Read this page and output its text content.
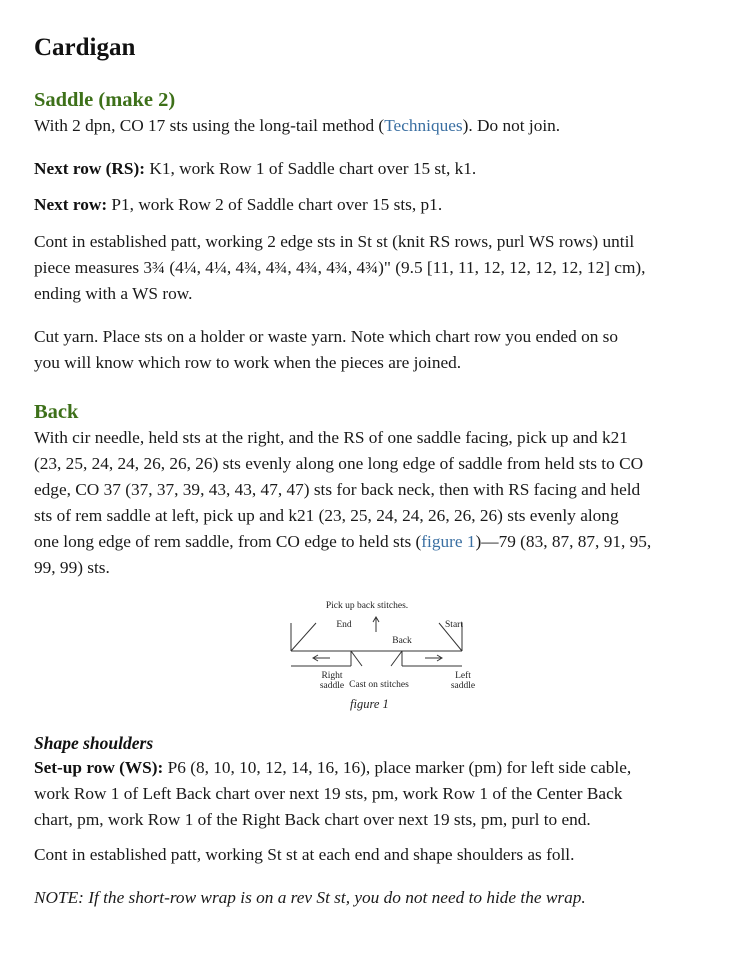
Cardigan
Saddle (make 2)

With 2 dpn, CO 17 sts using the long-tail method (Techniques). Do not join.

Next row (RS): K1, work Row 1 of Saddle chart over 15 st, k1.

Next row: P1, work Row 2 of Saddle chart over 15 sts, p1.

Cont in established patt, working 2 edge sts in St st (knit RS rows, purl WS rows) until
piece measures 3¾ (4¼, 4¼, 4¾, 4¾, 4¾, 4¾, 4¾)" (9.5 [11, 11, 12, 12, 12, 12, 12] cm),
ending with a WS row.

Cut yarn. Place sts on a holder or waste yarn. Note which chart row you ended on so
you will know which row to work when the pieces are joined.

Back

With cir needle, held sts at the right, and the RS of one saddle facing, pick up and k21
(23, 25, 24, 24, 26, 26, 26) sts evenly along one long edge of saddle from held sts to CO
edge, CO 37 (37, 37, 39, 43, 43, 47, 47) sts for back neck, then with RS facing and held
sts of rem saddle at left, pick up and k21 (23, 25, 24, 24, 26, 26, 26) sts evenly along
one long edge of rem saddle, from CO edge to held sts (figure 1)—79 (83, 87, 87, 91, 95,
99, 99) sts.

Pick up back stitches.
End	Start
Back
Right
saddle Cast on stitches
Left
saddle
figure 1
Shape shoulders

Set-up row (WS): P6 (8, 10, 10, 12, 14, 16, 16), place marker (pm) for left side cable,
work Row 1 of Left Back chart over next 19 sts, pm, work Row 1 of the Center Back
chart, pm, work Row 1 of the Right Back chart over next 19 sts, pm, purl to end.

Cont in established patt, working St st at each end and shape shoulders as foll.

NOTE: If the short-row wrap is on a rev St st, you do not need to hide the wrap.
